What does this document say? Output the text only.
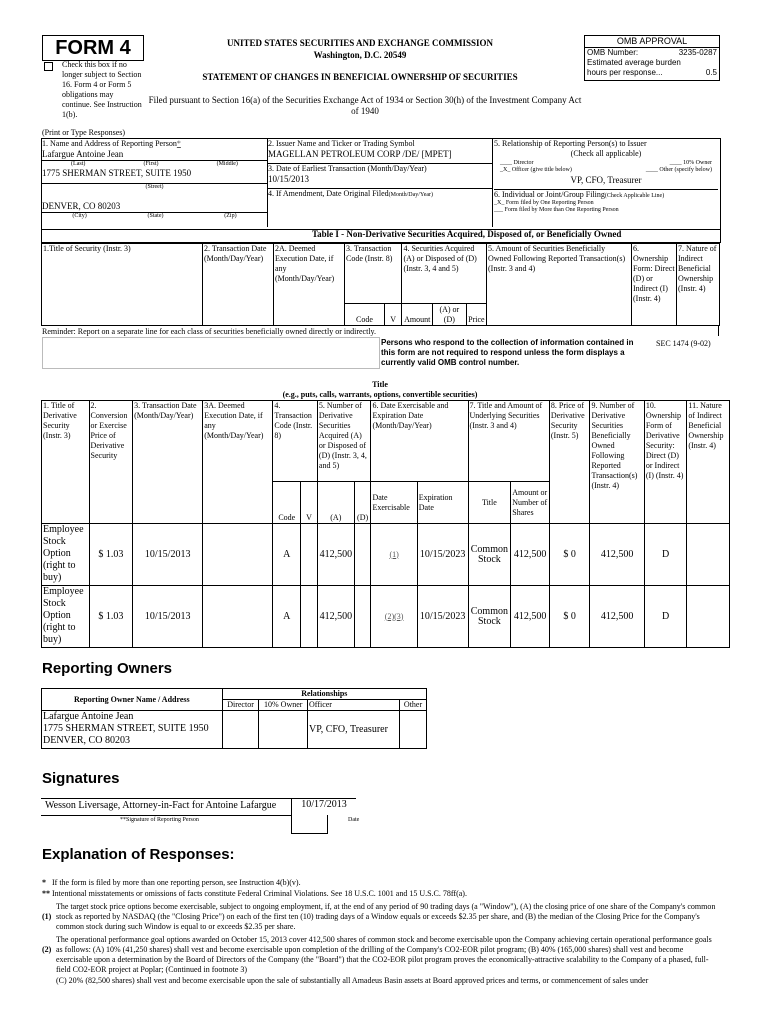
FORM 4
Check this box if no longer subject to Section 16. Form 4 or Form 5 obligations may continue. See Instruction 1(b).
UNITED STATES SECURITIES AND EXCHANGE COMMISSION
Washington, D.C. 20549
STATEMENT OF CHANGES IN BENEFICIAL OWNERSHIP OF SECURITIES
Filed pursuant to Section 16(a) of the Securities Exchange Act of 1934 or Section 30(h) of the Investment Company Act of 1940
OMB APPROVAL
OMB Number:	3235-0287
Estimated average burden
hours per response...	0.5
(Print or Type Responses)
1. Name and Address of Reporting Person*
Lafargue Antoine Jean
(Last)	(First)	(Middle)
1775 SHERMAN STREET, SUITE 1950
(Street)
DENVER, CO 80203
(City)	(State)	(Zip)
2. Issuer Name and Ticker or Trading Symbol
MAGELLAN PETROLEUM CORP /DE/ [MPET]
3. Date of Earliest Transaction (Month/Day/Year)
10/15/2013
4. If Amendment, Date Original Filed(Month/Day/Year)
5. Relationship of Reporting Person(s) to Issuer
(Check all applicable)
____ Director	____ 10% Owner
_X_ Officer (give title below)	____ Other (specify below)
VP, CFO, Treasurer
6. Individual or Joint/Group Filing(Check Applicable Line)
_X_ Form filed by One Reporting Person
___ Form filed by More than One Reporting Person
Table I - Non-Derivative Securities Acquired, Disposed of, or Beneficially Owned
1.Title of Security (Instr. 3)	2. Transaction Date (Month/Day/Year)	2A. Deemed Execution Date, if any (Month/Day/Year)	3. Transaction Code (Instr. 8)		4. Securities Acquired (A) or Disposed of (D) (Instr. 3, 4 and 5)			5. Amount of Securities Beneficially Owned Following Reported Transaction(s) (Instr. 3 and 4)	6. Ownership Form: Direct (D) or Indirect (I) (Instr. 4)	7. Nature of Indirect Beneficial Ownership (Instr. 4)
			Code	V	Amount	(A) or (D)	Price			
Reminder: Report on a separate line for each class of securities beneficially owned directly or indirectly.
Persons who respond to the collection of information contained in this form are not required to respond unless the form displays a currently valid OMB control number.
SEC 1474 (9-02)
Title
(e.g., puts, calls, warrants, options, convertible securities)
1. Title of Derivative Security (Instr. 3)	2. Conversion or Exercise Price of Derivative Security	3. Transaction Date (Month/Day/Year)	3A. Deemed Execution Date, if any (Month/Day/Year)	4. Transaction Code (Instr. 8)		5. Number of Derivative Securities Acquired (A) or Disposed of (D) (Instr. 3, 4, and 5)		6. Date Exercisable and Expiration Date (Month/Day/Year)		7. Title and Amount of Underlying Securities (Instr. 3 and 4)		8. Price of Derivative Security (Instr. 5)	9. Number of Derivative Securities Beneficially Owned Following Reported Transaction(s) (Instr. 4)	10. Ownership Form of Derivative Security: Direct (D) or Indirect (I) (Instr. 4)	11. Nature of Indirect Beneficial Ownership (Instr. 4)
				Code	V	(A)	(D)	Date Exercisable	Expiration Date	Title	Amount or Number of Shares				
Employee Stock Option (right to buy)	$ 1.03	10/15/2013		A		412,500		(1)	10/15/2023	Common Stock	412,500	$ 0	412,500	D	
Employee Stock Option (right to buy)	$ 1.03	10/15/2013		A		412,500		(2)(3)	10/15/2023	Common Stock	412,500	$ 0	412,500	D	
Reporting Owners
Reporting Owner Name / Address	Relationships			
	Director	10% Owner	Officer	Other

Lafargue Antoine Jean
1775 SHERMAN STREET, SUITE 1950
DENVER, CO 80203			VP, CFO, Treasurer	
Signatures
Wesson Liversage, Attorney-in-Fact for Antoine Lafargue
**Signature of Reporting Person
10/17/2013
Date
Explanation of Responses:
* If the form is filed by more than one reporting person, see Instruction 4(b)(v).
** Intentional misstatements or omissions of facts constitute Federal Criminal Violations. See 18 U.S.C. 1001 and 15 U.S.C. 78ff(a).
(1)
The target stock price options become exercisable, subject to ongoing employment, if, at the end of any period of 90 trading days (a "Window"), (A) the closing price of one share of the Company's common stock as reported by NASDAQ (the "Closing Price") on each of the first ten (10) trading days of a Window equals or exceeds $2.35 per share, and (B) the median of the Closing Price for the Company's common stock during such Window is equal to or exceeds $2.35 per share.
(2)
The operational performance goal options awarded on October 15, 2013 cover 412,500 shares of common stock and become exercisable upon the Company achieving certain operational performance goals as follows: (A) 10% (41,250 shares) shall vest and become exercisable upon completion of the drilling of the Company's CO2-EOR pilot program; (B) 40% (165,000 shares) shall vest and become exercisable upon a determination by the Board of Directors of the Company (the "Board") that the CO2-EOR pilot program proves the economically-attractive scalability to the Company of a phased, full-field CO2-EOR project at Poplar; (Continued in footnote 3)
(C) 20% (82,500 shares) shall vest and become exercisable upon the sale of substantially all Amadeus Basin assets at Board approved prices and terms, or commencement of sales under
